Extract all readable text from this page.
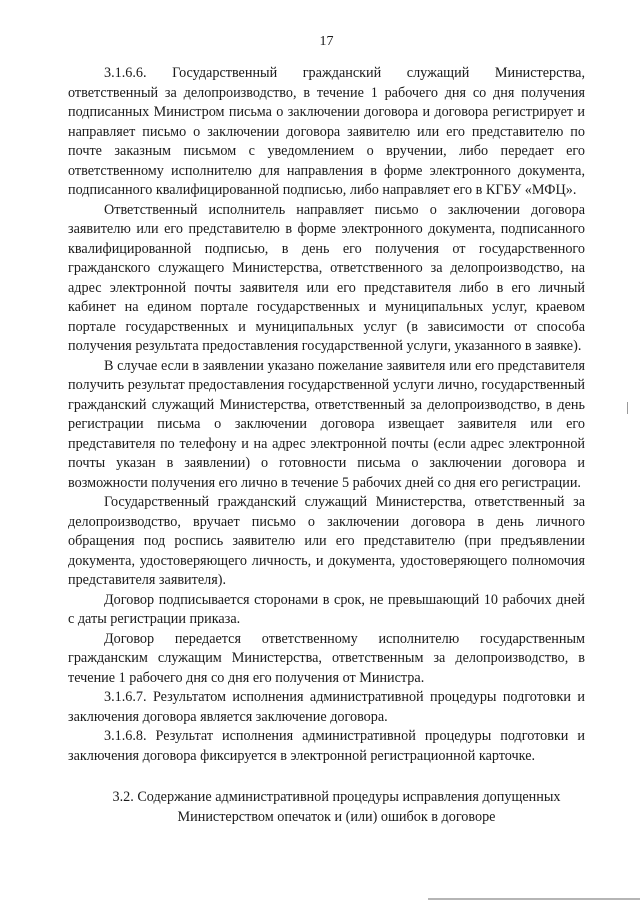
17

3.1.6.6. Государственный гражданский служащий Министерства, ответственный за делопроизводство, в течение 1 рабочего дня со дня получения подписанных Министром письма о заключении договора и договора регистрирует и направляет письмо о заключении договора заявителю или его представителю по почте заказным письмом с уведомлением о вручении, либо передает его ответственному исполнителю для направления в форме электронного документа, подписанного квалифицированной подписью, либо направляет его в КГБУ «МФЦ».

Ответственный исполнитель направляет письмо о заключении договора заявителю или его представителю в форме электронного документа, подписанного квалифицированной подписью, в день его получения от государственного гражданского служащего Министерства, ответственного за делопроизводство, на адрес электронной почты заявителя или его представителя либо в его личный кабинет на едином портале государственных и муниципальных услуг, краевом портале государственных и муниципальных услуг (в зависимости от способа получения результата предоставления государственной услуги, указанного в заявке).

В случае если в заявлении указано пожелание заявителя или его представителя получить результат предоставления государственной услуги лично, государственный гражданский служащий Министерства, ответственный за делопроизводство, в день регистрации письма о заключении договора извещает заявителя или его представителя по телефону и на адрес электронной почты (если адрес электронной почты указан в заявлении) о готовности письма о заключении договора и возможности получения его лично в течение 5 рабочих дней со дня его регистрации.

Государственный гражданский служащий Министерства, ответственный за делопроизводство, вручает письмо о заключении договора в день личного обращения под роспись заявителю или его представителю (при предъявлении документа, удостоверяющего личность, и документа, удостоверяющего полномочия представителя заявителя).

Договор подписывается сторонами в срок, не превышающий 10 рабочих дней с даты регистрации приказа.

Договор передается ответственному исполнителю государственным гражданским служащим Министерства, ответственным за делопроизводство, в течение 1 рабочего дня со дня его получения от Министра.

3.1.6.7. Результатом исполнения административной процедуры подготовки и заключения договора является заключение договора.

3.1.6.8. Результат исполнения административной процедуры подготовки и заключения договора фиксируется в электронной регистрационной карточке.

3.2. Содержание административной процедуры исправления допущенных
Министерством опечаток и (или) ошибок в договоре
